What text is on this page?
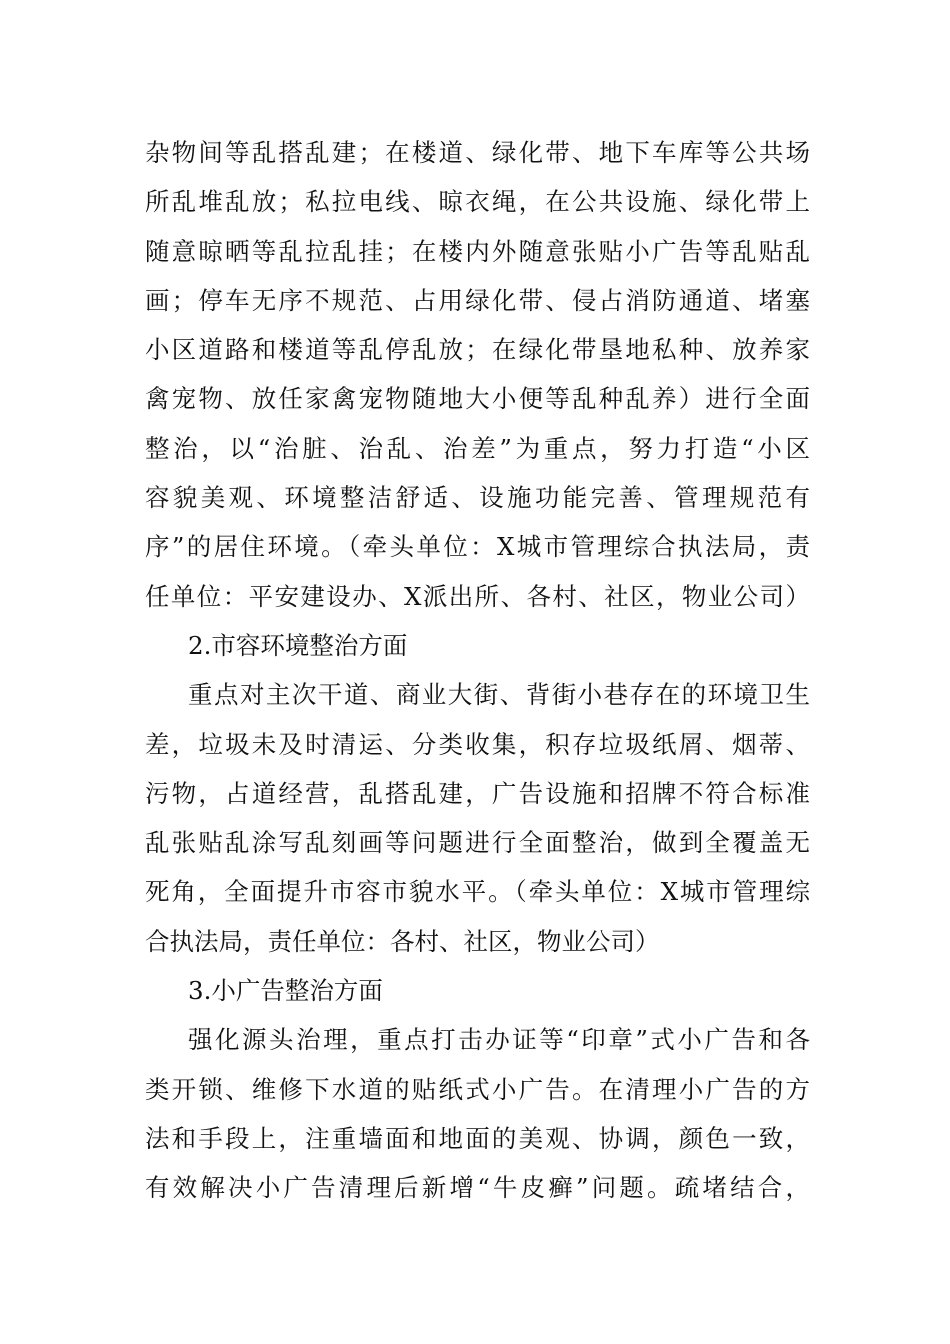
杂物间等乱搭乱建；在楼道、绿化带、地下车库等公共场
所乱堆乱放；私拉电线、晾衣绳，在公共设施、绿化带上
随意晾晒等乱拉乱挂；在楼内外随意张贴小广告等乱贴乱
画；停车无序不规范、占用绿化带、侵占消防通道、堵塞
小区道路和楼道等乱停乱放；在绿化带垦地私种、放养家
禽宠物、放任家禽宠物随地大小便等乱种乱养）进行全面
整治，以“治脏、治乱、治差”为重点，努力打造“小区
容貌美观、环境整洁舒适、设施功能完善、管理规范有
序”的居住环境。（牵头单位：X城市管理综合执法局，责
任单位：平安建设办、X派出所、各村、社区，物业公司）
2.市容环境整治方面
重点对主次干道、商业大街、背街小巷存在的环境卫生
差，垃圾未及时清运、分类收集，积存垃圾纸屑、烟蒂、
污物，占道经营，乱搭乱建，广告设施和招牌不符合标准
乱张贴乱涂写乱刻画等问题进行全面整治，做到全覆盖无
死角，全面提升市容市貌水平。（牵头单位：X城市管理综
合执法局，责任单位：各村、社区，物业公司）
3.小广告整治方面
强化源头治理，重点打击办证等“印章”式小广告和各
类开锁、维修下水道的贴纸式小广告。在清理小广告的方
法和手段上，注重墙面和地面的美观、协调，颜色一致，
有效解决小广告清理后新增“牛皮癣”问题。疏堵结合，
